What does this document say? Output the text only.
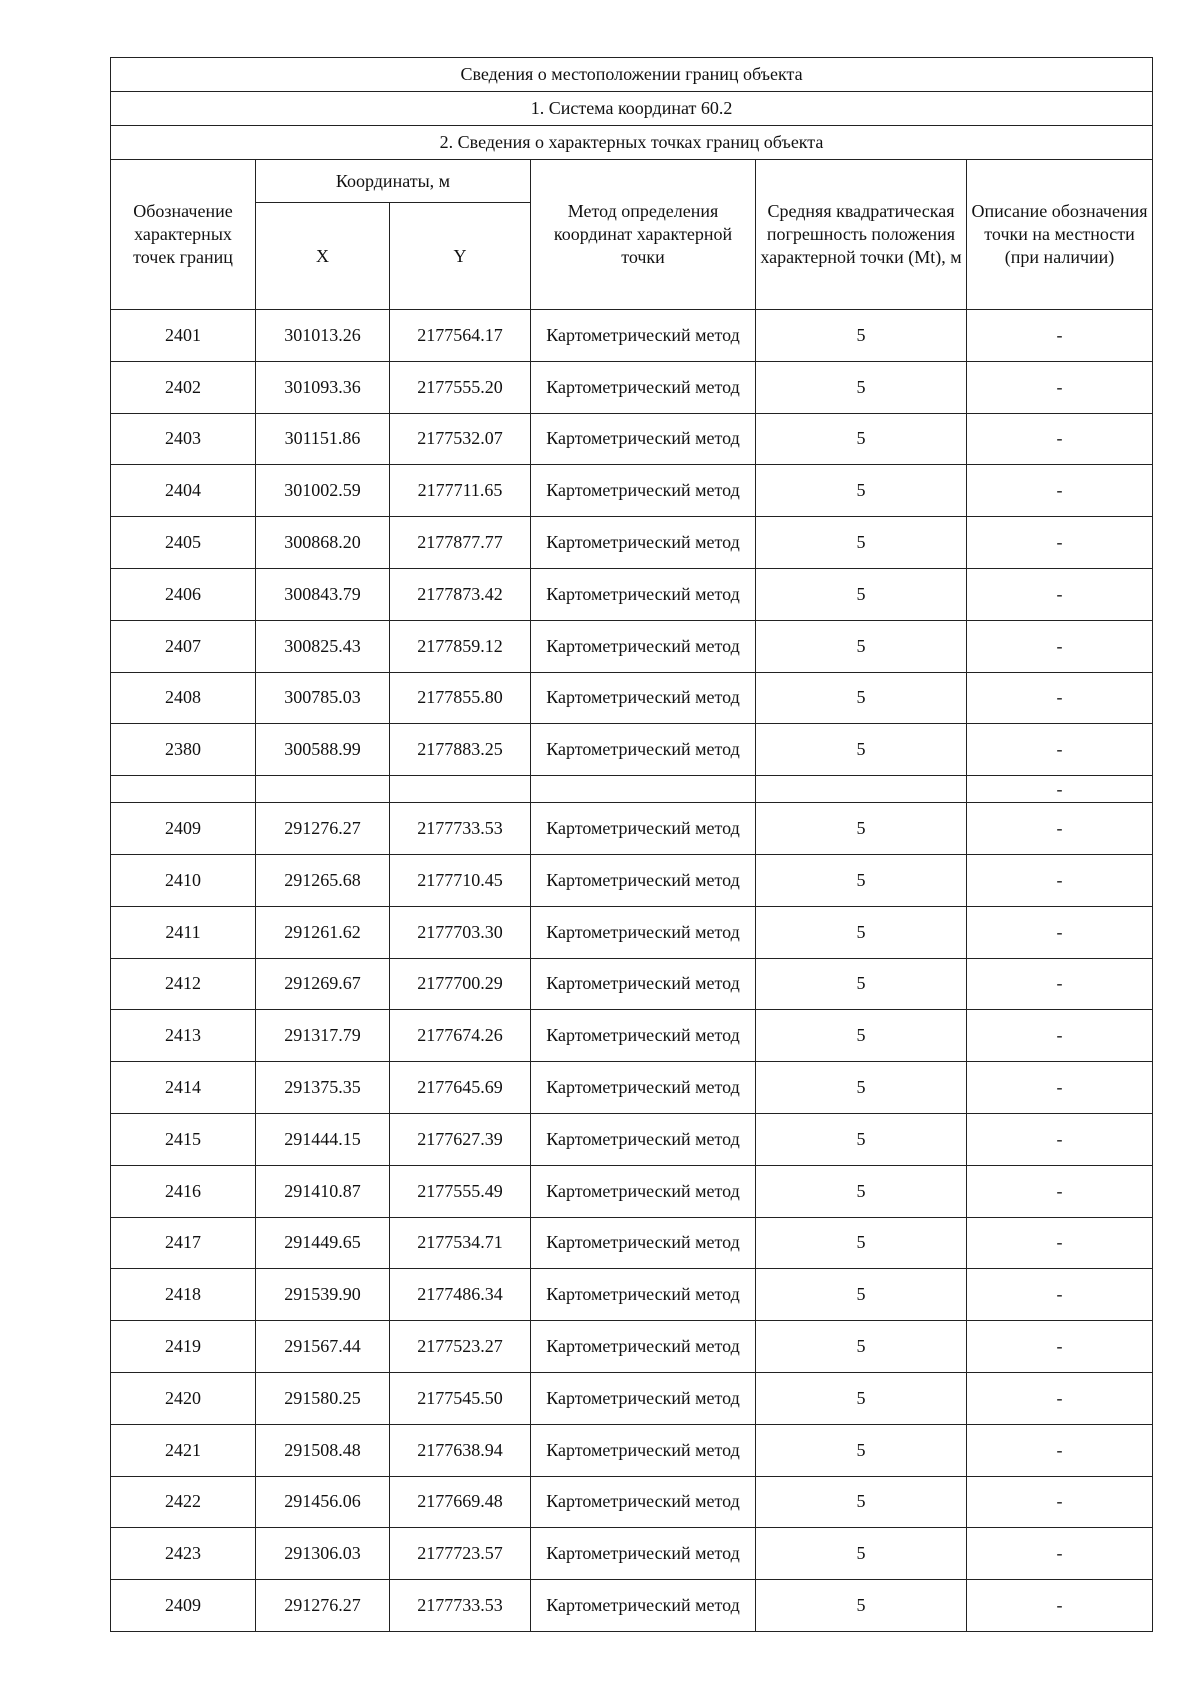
Сведения о местоположении границ объекта					
1. Система координат 60.2					
2. Сведения о характерных точках границ объекта					
Обозначение характерных точек границ	Координаты, м		Метод определения координат характерной точки	Средняя квадратическая погрешность положения характерной точки (Mt), м	Описание обозначения точки на местности (при наличии)
	X	Y			
2401	301013.26	2177564.17	Картометрический метод	5	-
2402	301093.36	2177555.20	Картометрический метод	5	-
2403	301151.86	2177532.07	Картометрический метод	5	-
2404	301002.59	2177711.65	Картометрический метод	5	-
2405	300868.20	2177877.77	Картометрический метод	5	-
2406	300843.79	2177873.42	Картометрический метод	5	-
2407	300825.43	2177859.12	Картометрический метод	5	-
2408	300785.03	2177855.80	Картометрический метод	5	-
2380	300588.99	2177883.25	Картометрический метод	5	-
					-
2409	291276.27	2177733.53	Картометрический метод	5	-
2410	291265.68	2177710.45	Картометрический метод	5	-
2411	291261.62	2177703.30	Картометрический метод	5	-
2412	291269.67	2177700.29	Картометрический метод	5	-
2413	291317.79	2177674.26	Картометрический метод	5	-
2414	291375.35	2177645.69	Картометрический метод	5	-
2415	291444.15	2177627.39	Картометрический метод	5	-
2416	291410.87	2177555.49	Картометрический метод	5	-
2417	291449.65	2177534.71	Картометрический метод	5	-
2418	291539.90	2177486.34	Картометрический метод	5	-
2419	291567.44	2177523.27	Картометрический метод	5	-
2420	291580.25	2177545.50	Картометрический метод	5	-
2421	291508.48	2177638.94	Картометрический метод	5	-
2422	291456.06	2177669.48	Картометрический метод	5	-
2423	291306.03	2177723.57	Картометрический метод	5	-
2409	291276.27	2177733.53	Картометрический метод	5	-
